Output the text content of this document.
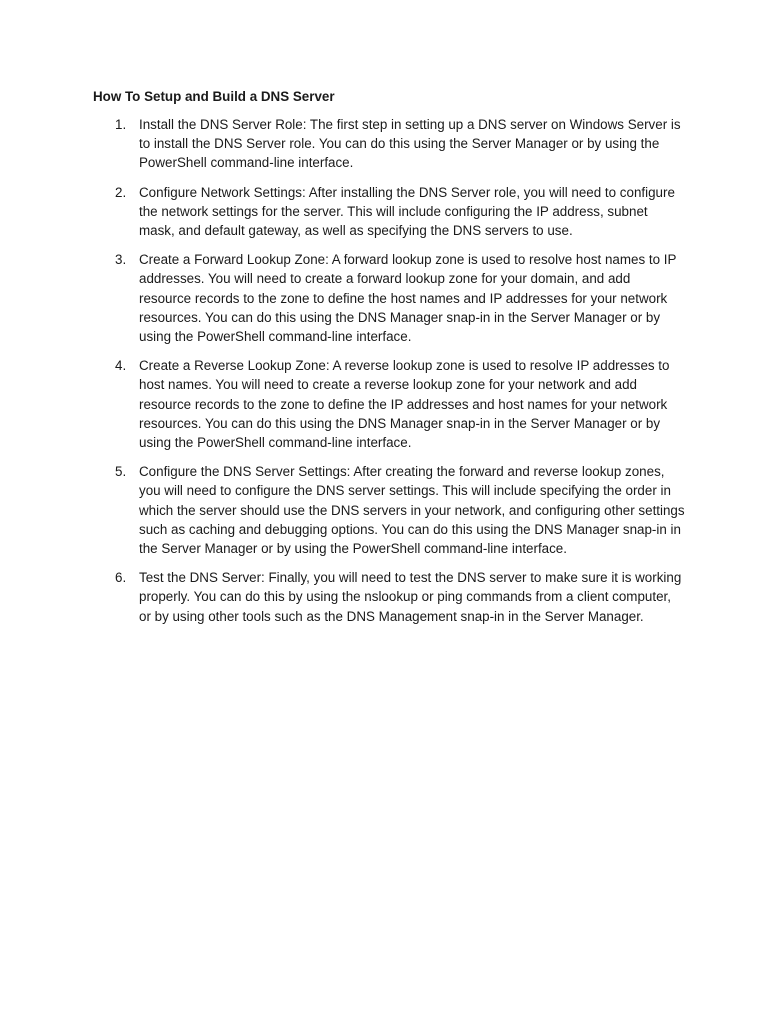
How To Setup and Build a DNS Server
1. Install the DNS Server Role: The first step in setting up a DNS server on Windows Server is to install the DNS Server role. You can do this using the Server Manager or by using the PowerShell command-line interface.
2. Configure Network Settings: After installing the DNS Server role, you will need to configure the network settings for the server. This will include configuring the IP address, subnet mask, and default gateway, as well as specifying the DNS servers to use.
3. Create a Forward Lookup Zone: A forward lookup zone is used to resolve host names to IP addresses. You will need to create a forward lookup zone for your domain, and add resource records to the zone to define the host names and IP addresses for your network resources. You can do this using the DNS Manager snap-in in the Server Manager or by using the PowerShell command-line interface.
4. Create a Reverse Lookup Zone: A reverse lookup zone is used to resolve IP addresses to host names. You will need to create a reverse lookup zone for your network and add resource records to the zone to define the IP addresses and host names for your network resources. You can do this using the DNS Manager snap-in in the Server Manager or by using the PowerShell command-line interface.
5. Configure the DNS Server Settings: After creating the forward and reverse lookup zones, you will need to configure the DNS server settings. This will include specifying the order in which the server should use the DNS servers in your network, and configuring other settings such as caching and debugging options. You can do this using the DNS Manager snap-in in the Server Manager or by using the PowerShell command-line interface.
6. Test the DNS Server: Finally, you will need to test the DNS server to make sure it is working properly. You can do this by using the nslookup or ping commands from a client computer, or by using other tools such as the DNS Management snap-in in the Server Manager.
